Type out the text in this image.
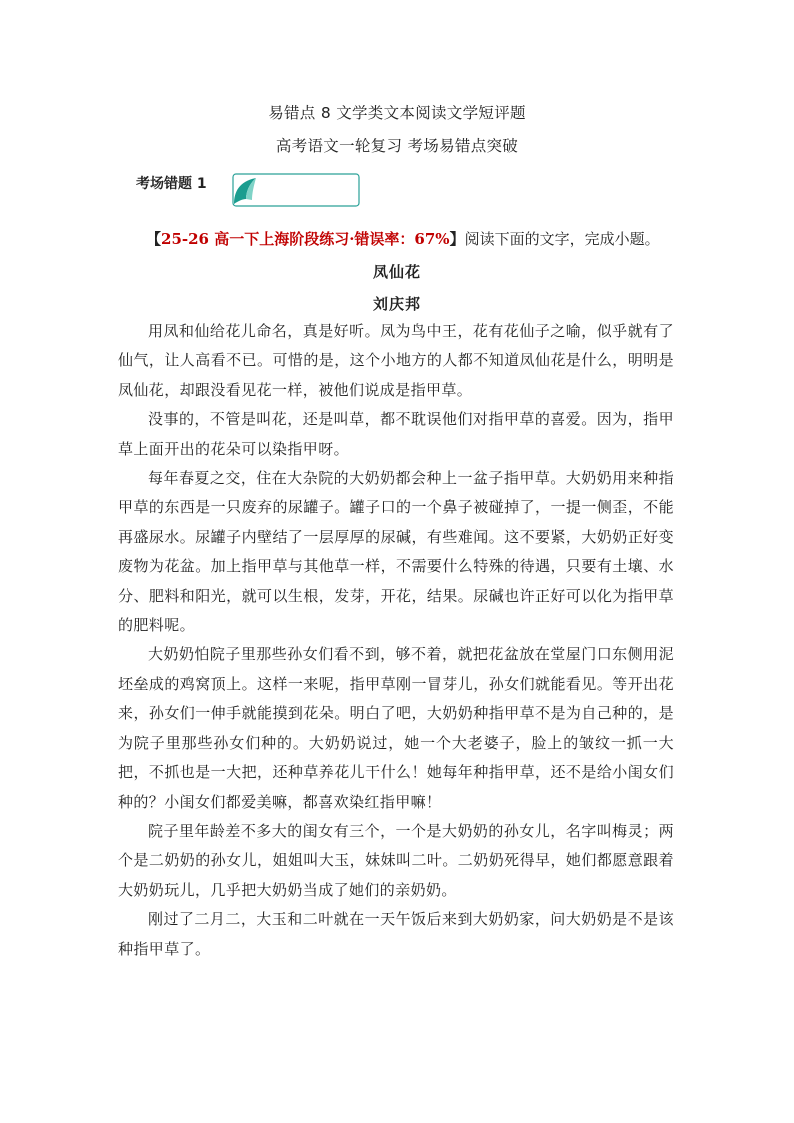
易错点 8 文学类文本阅读文学短评题
高考语文一轮复习 考场易错点突破
考场错题 1
【25-26 高一下上海阶段练习·错误率：67%】阅读下面的文字，完成小题。
凤仙花
刘庆邦

用凤和仙给花儿命名，真是好听。凤为鸟中王，花有花仙子之喻，似乎就有了仙气，让人高看不已。可惜的是，这个小地方的人都不知道凤仙花是什么，明明是凤仙花，却跟没看见花一样，被他们说成是指甲草。

没事的，不管是叫花，还是叫草，都不耽误他们对指甲草的喜爱。因为，指甲草上面开出的花朵可以染指甲呀。

每年春夏之交，住在大杂院的大奶奶都会种上一盆子指甲草。大奶奶用来种指甲草的东西是一只废弃的尿罐子。罐子口的一个鼻子被碰掉了，一提一侧歪，不能再盛尿水。尿罐子内壁结了一层厚厚的尿碱，有些难闻。这不要紧，大奶奶正好变废物为花盆。加上指甲草与其他草一样，不需要什么特殊的待遇，只要有土壤、水分、肥料和阳光，就可以生根，发芽，开花，结果。尿碱也许正好可以化为指甲草的肥料呢。

大奶奶怕院子里那些孙女们看不到，够不着，就把花盆放在堂屋门口东侧用泥坯垒成的鸡窝顶上。这样一来呢，指甲草刚一冒芽儿，孙女们就能看见。等开出花来，孙女们一伸手就能摸到花朵。明白了吧，大奶奶种指甲草不是为自己种的，是为院子里那些孙女们种的。大奶奶说过，她一个大老婆子，脸上的皱纹一抓一大把，不抓也是一大把，还种草养花儿干什么！她每年种指甲草，还不是给小闺女们种的？小闺女们都爱美嘛，都喜欢染红指甲嘛！

院子里年龄差不多大的闺女有三个，一个是大奶奶的孙女儿，名字叫梅灵；两个是二奶奶的孙女儿，姐姐叫大玉，妹妹叫二叶。二奶奶死得早，她们都愿意跟着大奶奶玩儿，几乎把大奶奶当成了她们的亲奶奶。

刚过了二月二，大玉和二叶就在一天午饭后来到大奶奶家，问大奶奶是不是该种指甲草了。
